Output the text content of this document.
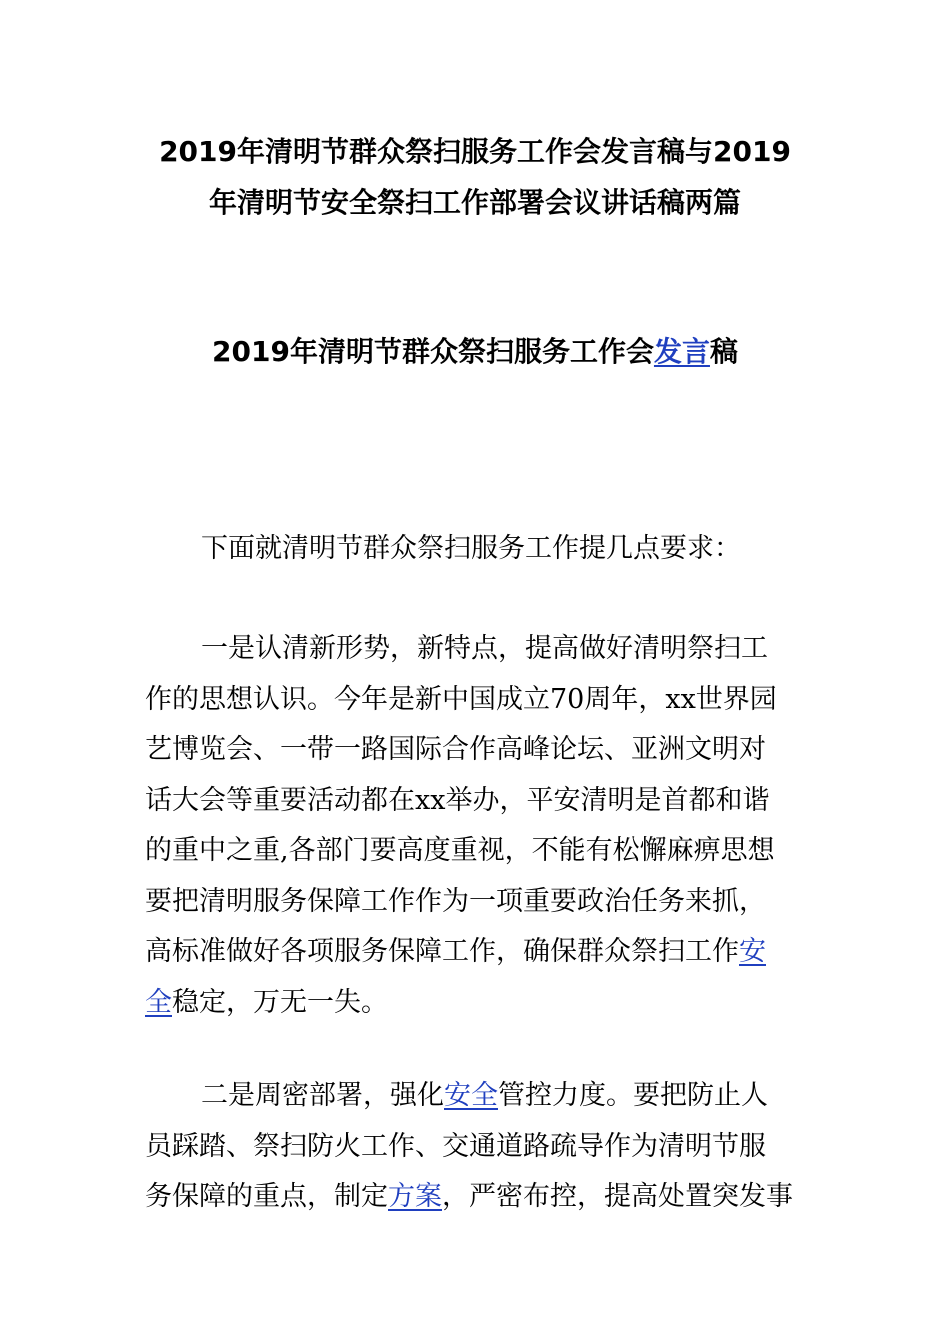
2019年清明节群众祭扫服务工作会发言稿与2019
年清明节安全祭扫工作部署会议讲话稿两篇
2019年清明节群众祭扫服务工作会发言稿

下面就清明节群众祭扫服务工作提几点要求：

一是认清新形势，新特点，提高做好清明祭扫工
作的思想认识。今年是新中国成立70周年，xx世界园
艺博览会、一带一路国际合作高峰论坛、亚洲文明对
话大会等重要活动都在xx举办，平安清明是首都和谐
的重中之重,各部门要高度重视，不能有松懈麻痹思想
要把清明服务保障工作作为一项重要政治任务来抓，
高标准做好各项服务保障工作，确保群众祭扫工作安
全稳定，万无一失。

二是周密部署，强化安全管控力度。要把防止人
员踩踏、祭扫防火工作、交通道路疏导作为清明节服
务保障的重点，制定方案，严密布控，提高处置突发事
